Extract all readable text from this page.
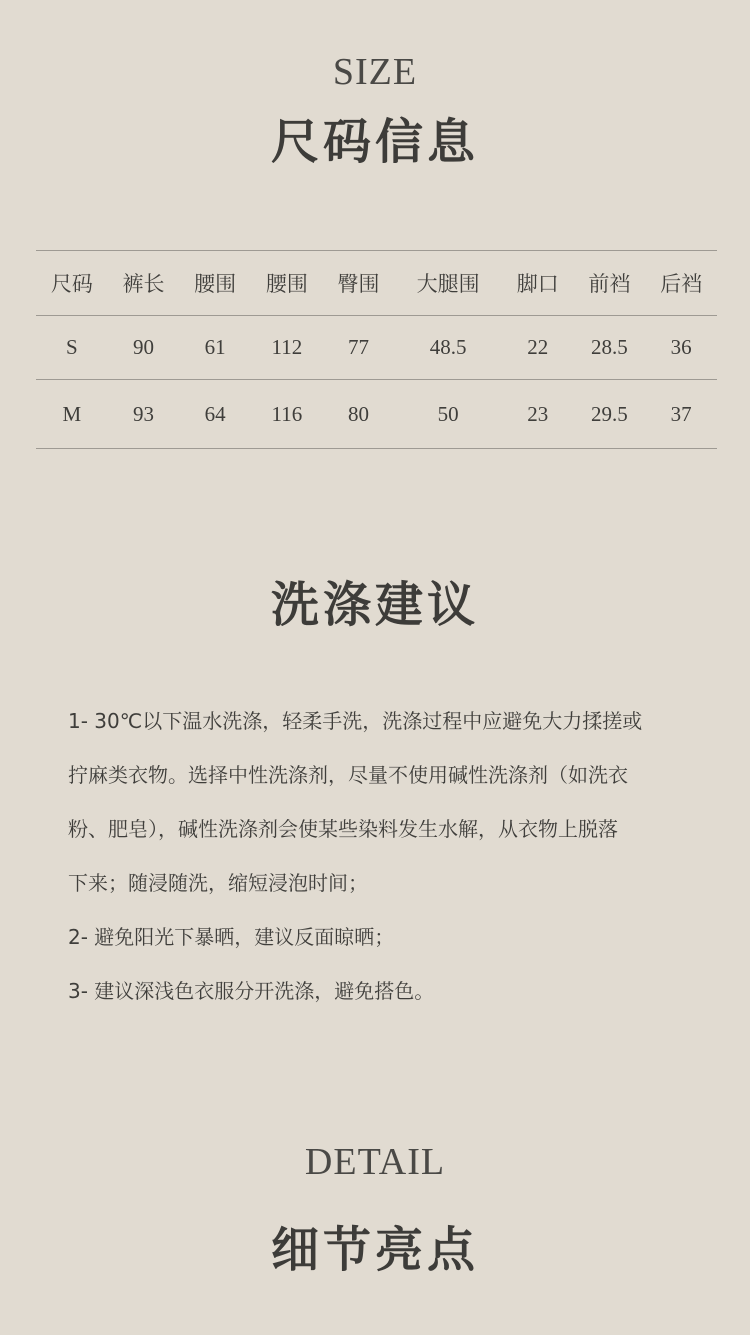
SIZE
尺码信息
尺码	裤长	腰围	腰围	臀围	大腿围	脚口	前裆	后裆
S	90	61	112	77	48.5	22	28.5	36
M	93	64	116	80	50	23	29.5	37
洗涤建议

1- 30℃以下温水洗涤，轻柔手洗，洗涤过程中应避免大力揉搓或

拧麻类衣物。选择中性洗涤剂，尽量不使用碱性洗涤剂（如洗衣

粉、肥皂），碱性洗涤剂会使某些染料发生水解，从衣物上脱落

下来；随浸随洗，缩短浸泡时间；

2- 避免阳光下暴晒，建议反面晾晒；

3- 建议深浅色衣服分开洗涤，避免搭色。

DETAIL
细节亮点
